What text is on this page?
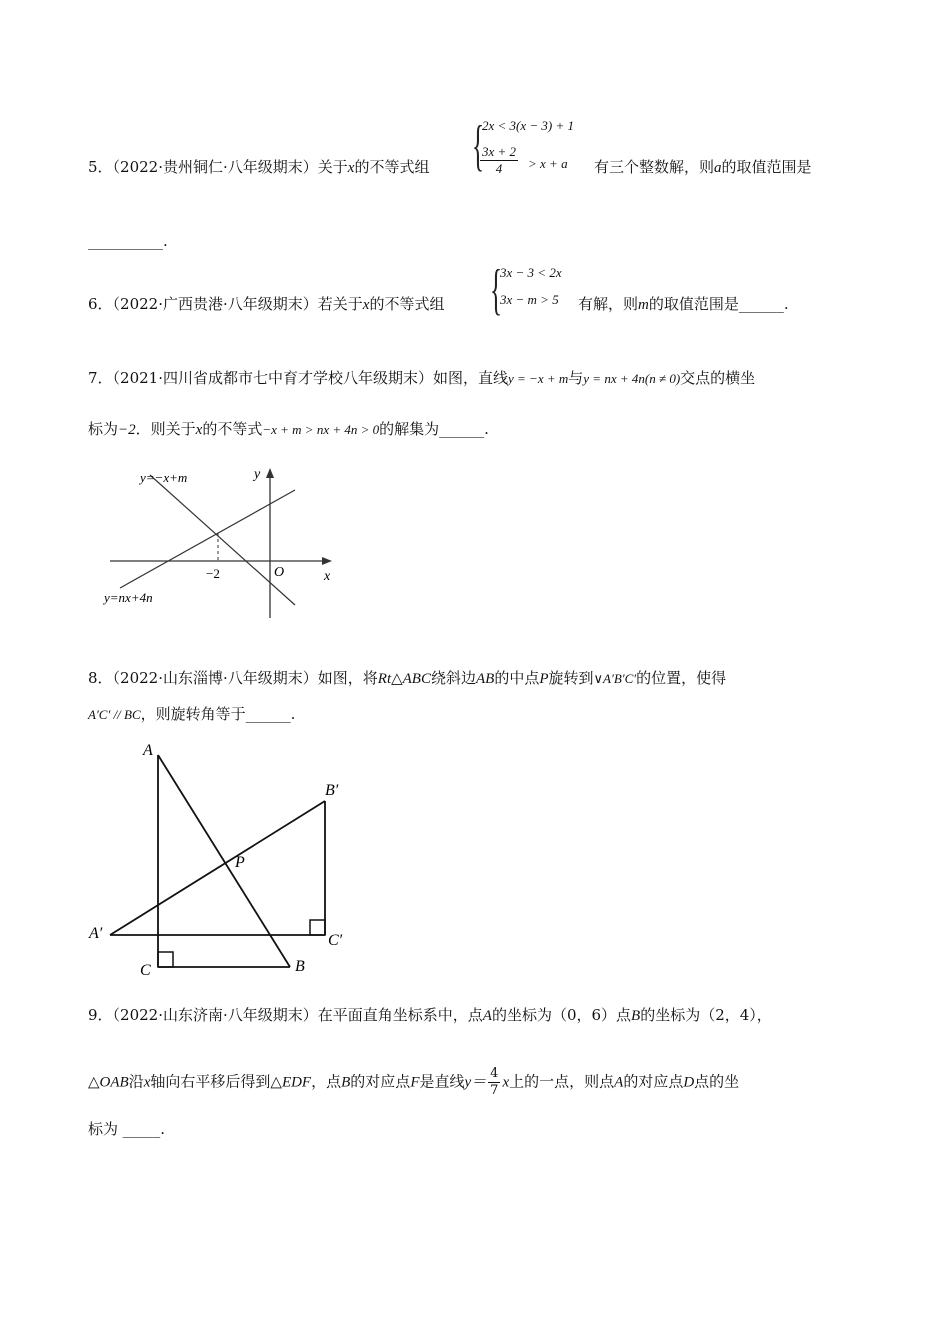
{
2x < 3(x − 3) + 1
$\frac{3x + 2}{4} > x + a$
5．（2022·贵州铜仁·八年级期末）关于x的不等式组	有三个整数解，则a的取值范围是
__________.
{
3x − 3 < 2x
3x − m > 5
6．（2022·广西贵港·八年级期末）若关于x的不等式组	有解，则m的取值范围是______.
7．（2021·四川省成都市七中育才学校八年级期末）如图，直线y = −x + m与y = nx + 4n(n ≠ 0)交点的横坐
标为−2．则关于x的不等式−x + m > nx + 4n > 0的解集为______.
y=−x+m
y=nx+4n
y
x
O
−2
8．（2022·山东淄博·八年级期末）如图，将Rt△ABC绕斜边AB的中点P旋转到∨A′B′C′的位置，使得
A′C′ // BC，则旋转角等于______.
A
C	B
P
A′	C′
B′
9．（2022·山东济南·八年级期末）在平面直角坐标系中，点A的坐标为（0，6）点B的坐标为（2，4），
△OAB沿x轴向右平移后得到△EDF，点B的对应点F是直线$y= \frac{4}{7}$ x上的一点，则点A的对应点D点的坐
标为 _____.
